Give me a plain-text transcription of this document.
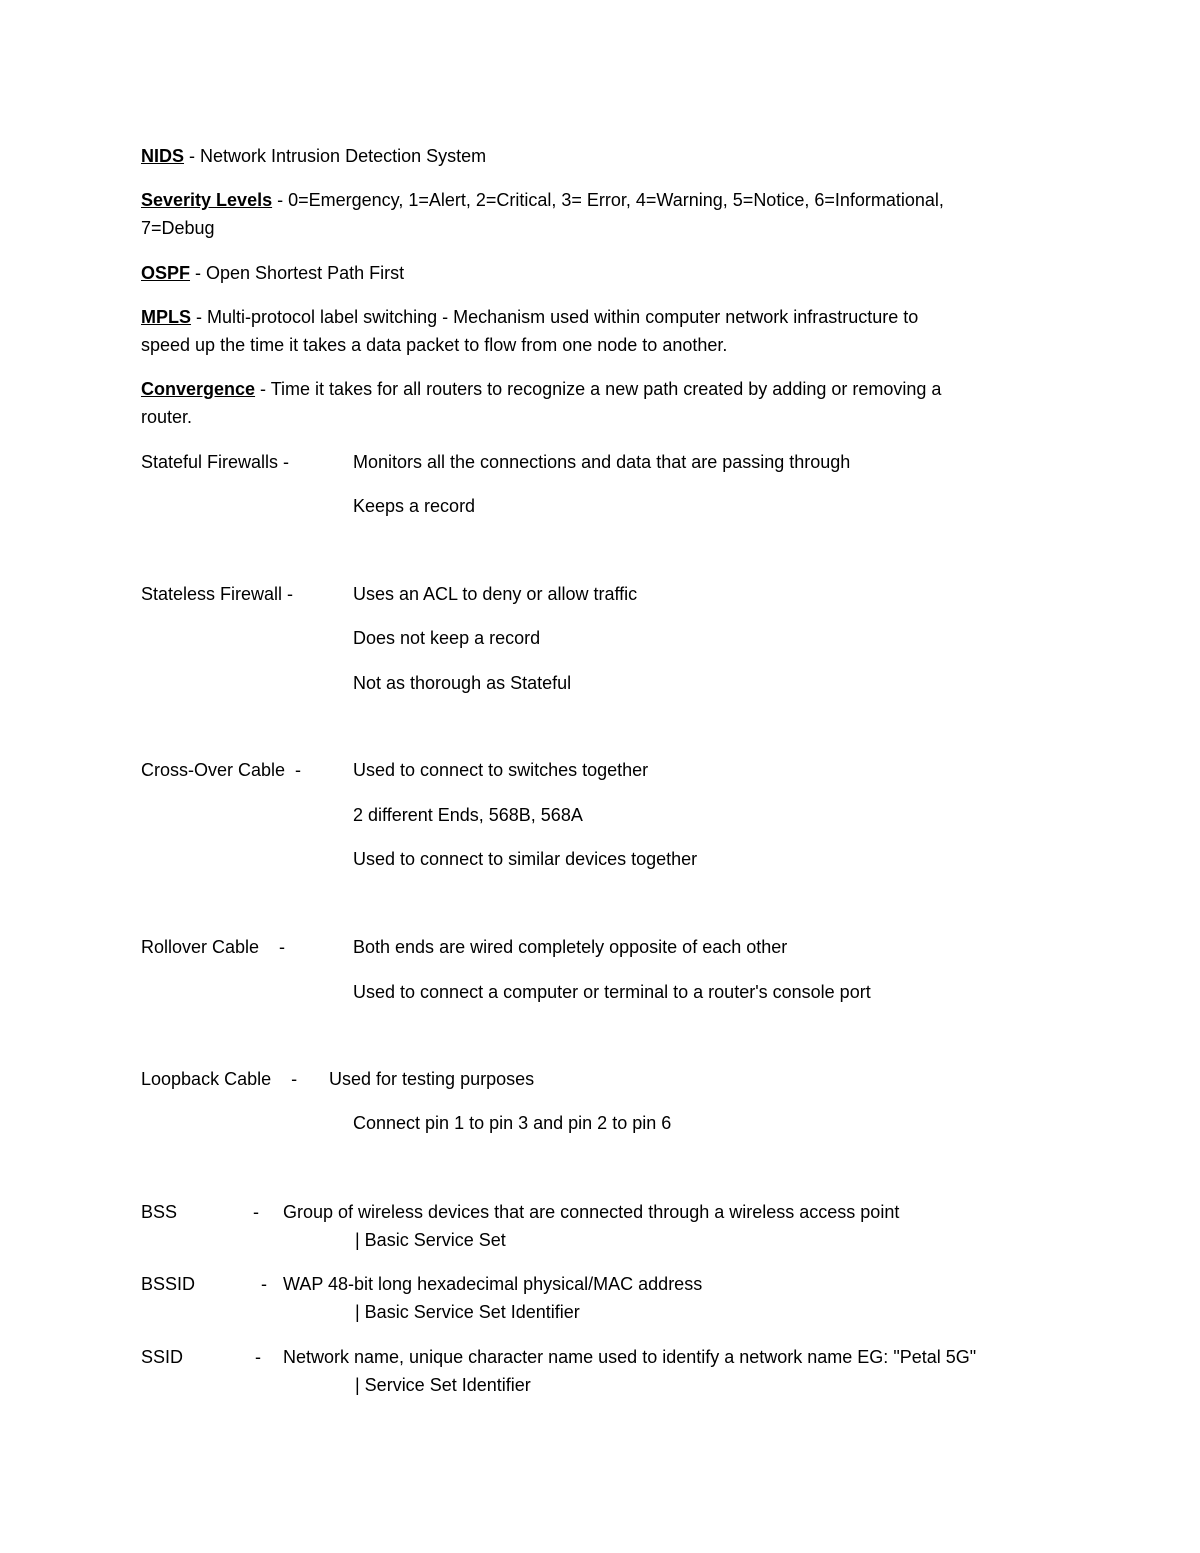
NIDS - Network Intrusion Detection System
Severity Levels - 0=Emergency, 1=Alert, 2=Critical, 3= Error, 4=Warning, 5=Notice, 6=Informational,
7=Debug
OSPF - Open Shortest Path First
MPLS - Multi-protocol label switching - Mechanism used within computer network infrastructure to
speed up the time it takes a data packet to flow from one node to another.
Convergence - Time it takes for all routers to recognize a new path created by adding or removing a
router.
Stateful Firewalls -	Monitors all the connections and data that are passing through
Keeps a record
Stateless Firewall -	Uses an ACL to deny or allow traffic
Does not keep a record
Not as thorough as Stateful
Cross-Over Cable  -	Used to connect to switches together
2 different Ends, 568B, 568A
Used to connect to similar devices together
Rollover Cable    -	Both ends are wired completely opposite of each other
Used to connect a computer or terminal to a router's console port
Loopback Cable    - Used for testing purposes
Connect pin 1 to pin 3 and pin 2 to pin 6
BSS	- Group of wireless devices that are connected through a wireless access point
| Basic Service Set
BSSID	- WAP 48-bit long hexadecimal physical/MAC address
| Basic Service Set Identifier
SSID	- Network name, unique character name used to identify a network name EG: "Petal 5G"
| Service Set Identifier
